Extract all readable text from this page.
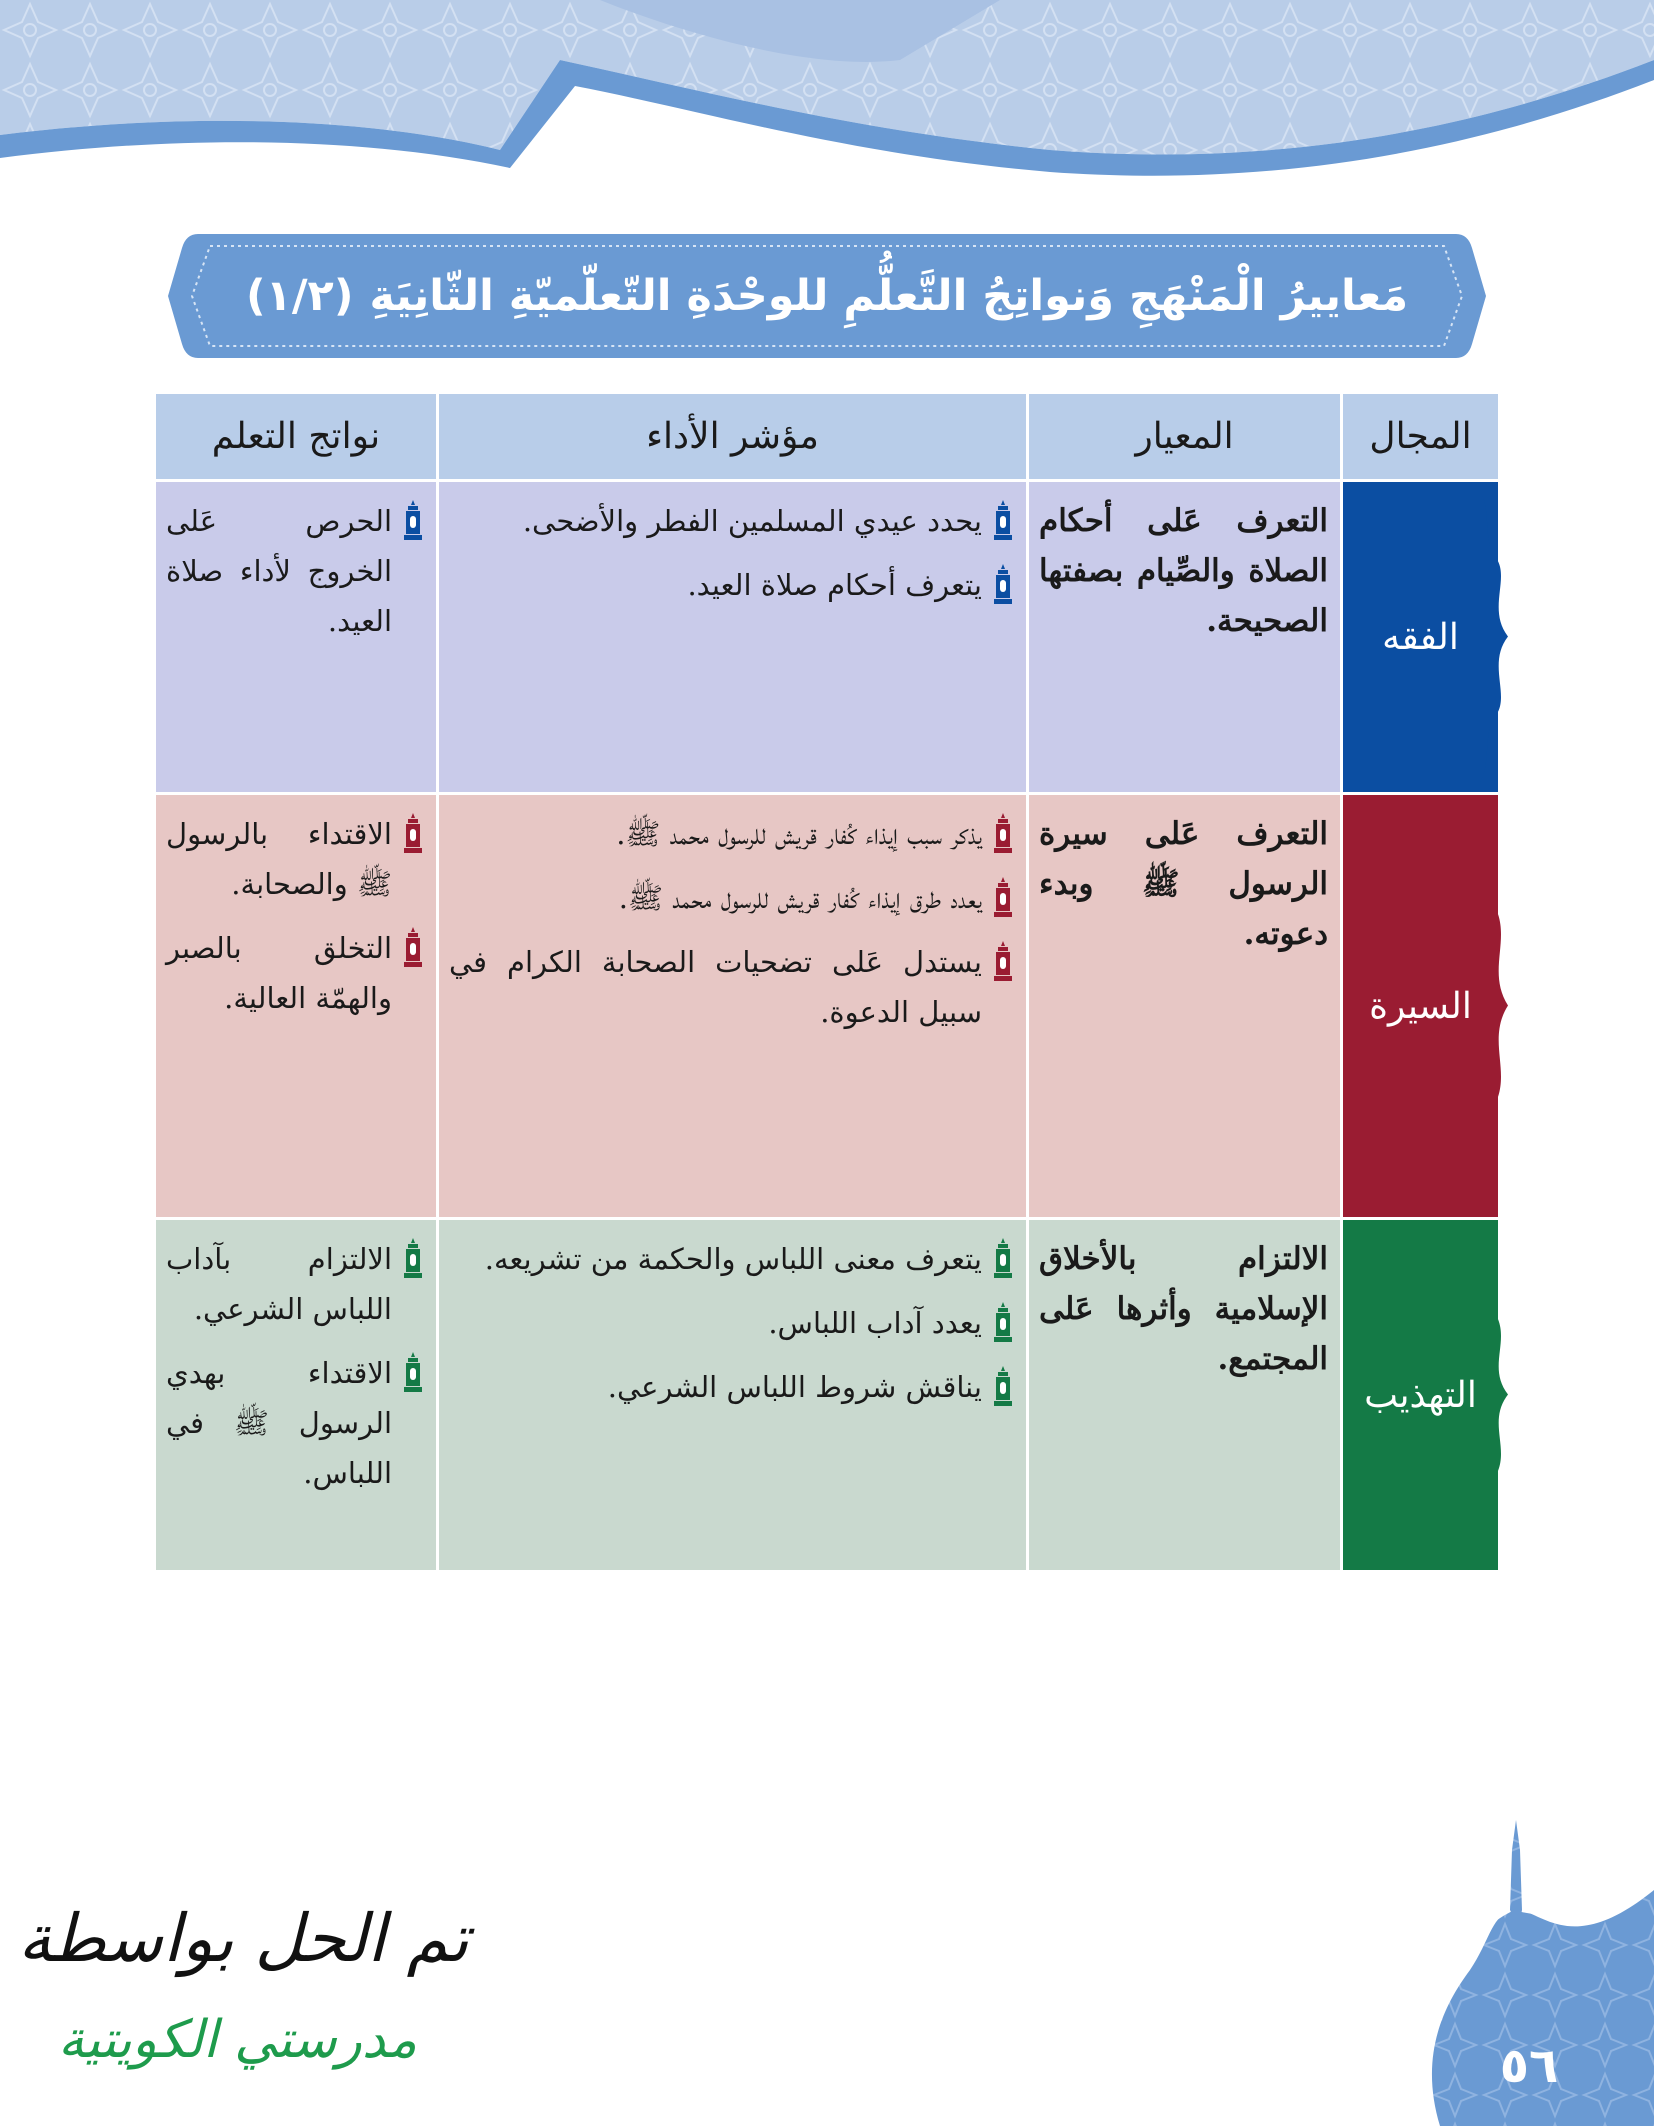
مَعاييرُ الْمَنْهَجِ وَنواتِجُ التَّعلُّمِ للوحْدَةِ التّعلّميّةِ الثّانِيَةِ
(١/٢)
المجال
المعيار
مؤشر الأداء
نواتج التعلم
الفقه
التعرف عَلى أحكام الصلاة والصِّيام بصفتها الصحيحة.
يحدد عيدي المسلمين الفطر والأضحى.
يتعرف أحكام صلاة العيد.
الحرص عَلى الخروج لأداء صلاة العيد.
السيرة
التعرف عَلى سيرة الرسول ﷺ وبدء دعوته.
يذكر سبب إيذاء كُفار قريش للرسول محمد ﷺ.
يعدد طرق إيذاء كُفار قريش للرسول محمد ﷺ.
يستدل عَلى تضحيات الصحابة الكرام في سبيل الدعوة.
الاقتداء بالرسول ﷺ والصحابة.
التخلق بالصبر والهمّة العالية.
التهذيب
الالتزام بالأخلاق الإسلامية وأثرها عَلى المجتمع.
يتعرف معنى اللباس والحكمة من تشريعه.
يعدد آداب اللباس.
يناقش شروط اللباس الشرعي.
الالتزام بآداب اللباس الشرعي.
الاقتداء بهدي الرسول ﷺ في اللباس.
تم الحل بواسطة
مدرستي الكويتية	٥٦
